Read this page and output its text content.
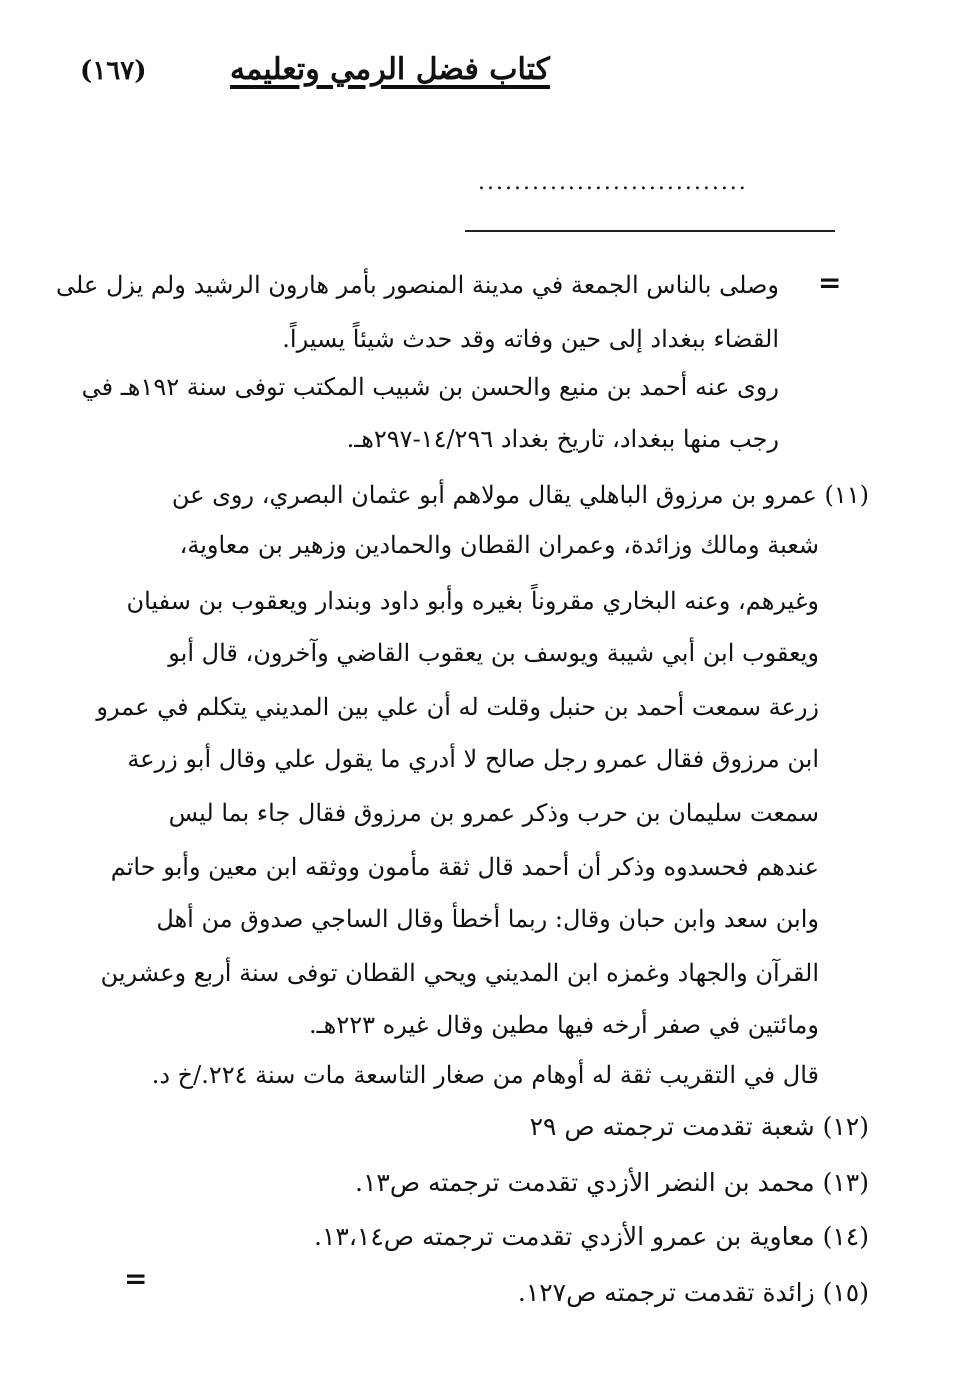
كتاب فضل الرمي وتعليمه
(١٦٧)
..............................
=
=
وصلى بالناس الجمعة في مدينة المنصور بأمر هارون الرشيد ولم يزل على
القضاء ببغداد إلى حين وفاته وقد حدث شيئاً يسيراً.
روى عنه أحمد بن منيع والحسن بن شبيب المكتب توفى سنة ١٩٢هـ في
رجب منها ببغداد، تاريخ بغداد ١٤/٢٩٦-٢٩٧هـ.
(١١) عمرو بن مرزوق الباهلي يقال مولاهم أبو عثمان البصري، روى عن
شعبة ومالك وزائدة، وعمران القطان والحمادين وزهير بن معاوية،
وغيرهم، وعنه البخاري مقروناً بغيره وأبو داود وبندار ويعقوب بن سفيان
ويعقوب ابن أبي شيبة ويوسف بن يعقوب القاضي وآخرون، قال أبو
زرعة سمعت أحمد بن حنبل وقلت له أن علي بين المديني يتكلم في عمرو
ابن مرزوق فقال عمرو رجل صالح لا أدري ما يقول علي وقال أبو زرعة
سمعت سليمان بن حرب وذكر عمرو بن مرزوق فقال جاء بما ليس
عندهم فحسدوه وذكر أن أحمد قال ثقة مأمون ووثقه ابن معين وأبو حاتم
وابن سعد وابن حبان وقال: ربما أخطأ وقال الساجي صدوق من أهل
القرآن والجهاد وغمزه ابن المديني ويحي القطان توفى سنة أربع وعشرين
ومائتين في صفر أرخه فيها مطين وقال غيره ٢٢٣هـ.
قال في التقريب ثقة له أوهام من صغار التاسعة مات سنة ٢٢٤./خ د.
(١٢) شعبة تقدمت ترجمته ص ٢٩
(١٣) محمد بن النضر الأزدي تقدمت ترجمته ص١٣.
(١٤) معاوية بن عمرو الأزدي تقدمت ترجمته ص١٣،١٤.
(١٥) زائدة تقدمت ترجمته ص١٢٧.
